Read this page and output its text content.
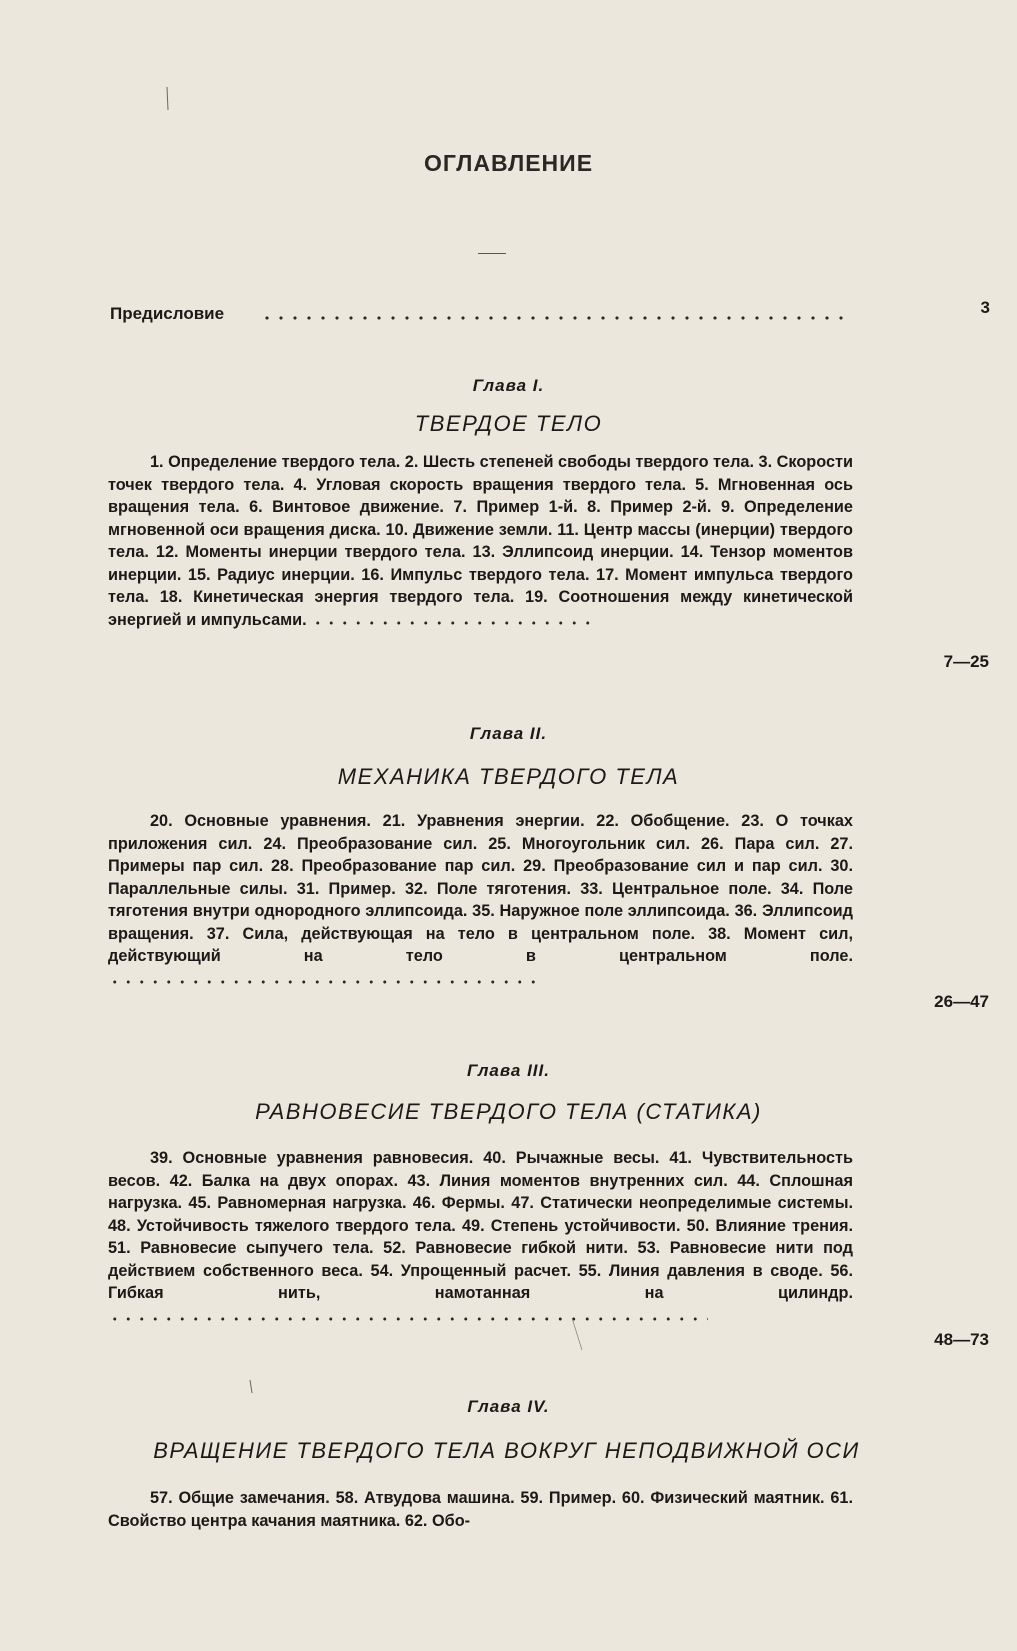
ОГЛАВЛЕНИЕ
Предисловие	3
Глава I.
ТВЕРДОЕ ТЕЛО

1. Определение твердого тела. 2. Шесть степеней свободы твердого тела. 3. Скорости точек твердого тела. 4. Угловая скорость вращения твердого тела. 5. Мгновенная ось вращения тела. 6. Винтовое движение. 7. Пример 1-й. 8. Пример 2-й. 9. Определение мгновенной оси вращения диска. 10. Движение земли. 11. Центр массы (инерции) твердого тела. 12. Моменты инерции твердого тела. 13. Эллипсоид инерции. 14. Тензор моментов инерции. 15. Радиус инерции. 16. Импульс твердого тела. 17. Момент импульса твердого тела. 18. Кинетическая энергия твердого тела. 19. Соотношения между кинетической энергией и импульсами.

7—25
Глава II.
МЕХАНИКА ТВЕРДОГО ТЕЛА

20. Основные уравнения. 21. Уравнения энергии. 22. Обобщение. 23. О точках приложения сил. 24. Преобразование сил. 25. Многоугольник сил. 26. Пара сил. 27. Примеры пар сил. 28. Преобразование пар сил. 29. Преобразование сил и пар сил. 30. Параллельные силы. 31. Пример. 32. Поле тяготения. 33. Центральное поле. 34. Поле тяготения внутри однородного эллипсоида. 35. Наружное поле эллипсоида. 36. Эллипсоид вращения. 37. Сила, действующая на тело в центральном поле. 38. Момент сил, действующий на тело в центральном поле.

26—47
Глава III.
РАВНОВЕСИЕ ТВЕРДОГО ТЕЛА (СТАТИКА)

39. Основные уравнения равновесия. 40. Рычажные весы. 41. Чувствительность весов. 42. Балка на двух опорах. 43. Линия моментов внутренних сил. 44. Сплошная нагрузка. 45. Равномерная нагрузка. 46. Фермы. 47. Статически неопределимые системы. 48. Устойчивость тяжелого твердого тела. 49. Степень устойчивости. 50. Влияние трения. 51. Равновесие сыпучего тела. 52. Равновесие гибкой нити. 53. Равновесие нити под действием собственного веса. 54. Упрощенный расчет. 55. Линия давления в своде. 56. Гибкая нить, намотанная на цилиндр.

48—73
Глава IV.
ВРАЩЕНИЕ ТВЕРДОГО ТЕЛА ВОКРУГ НЕПОДВИЖНОЙ ОСИ

57. Общие замечания. 58. Атвудова машина. 59. Пример. 60. Физический маятник. 61. Свойство центра качания маятника. 62. Обо-
